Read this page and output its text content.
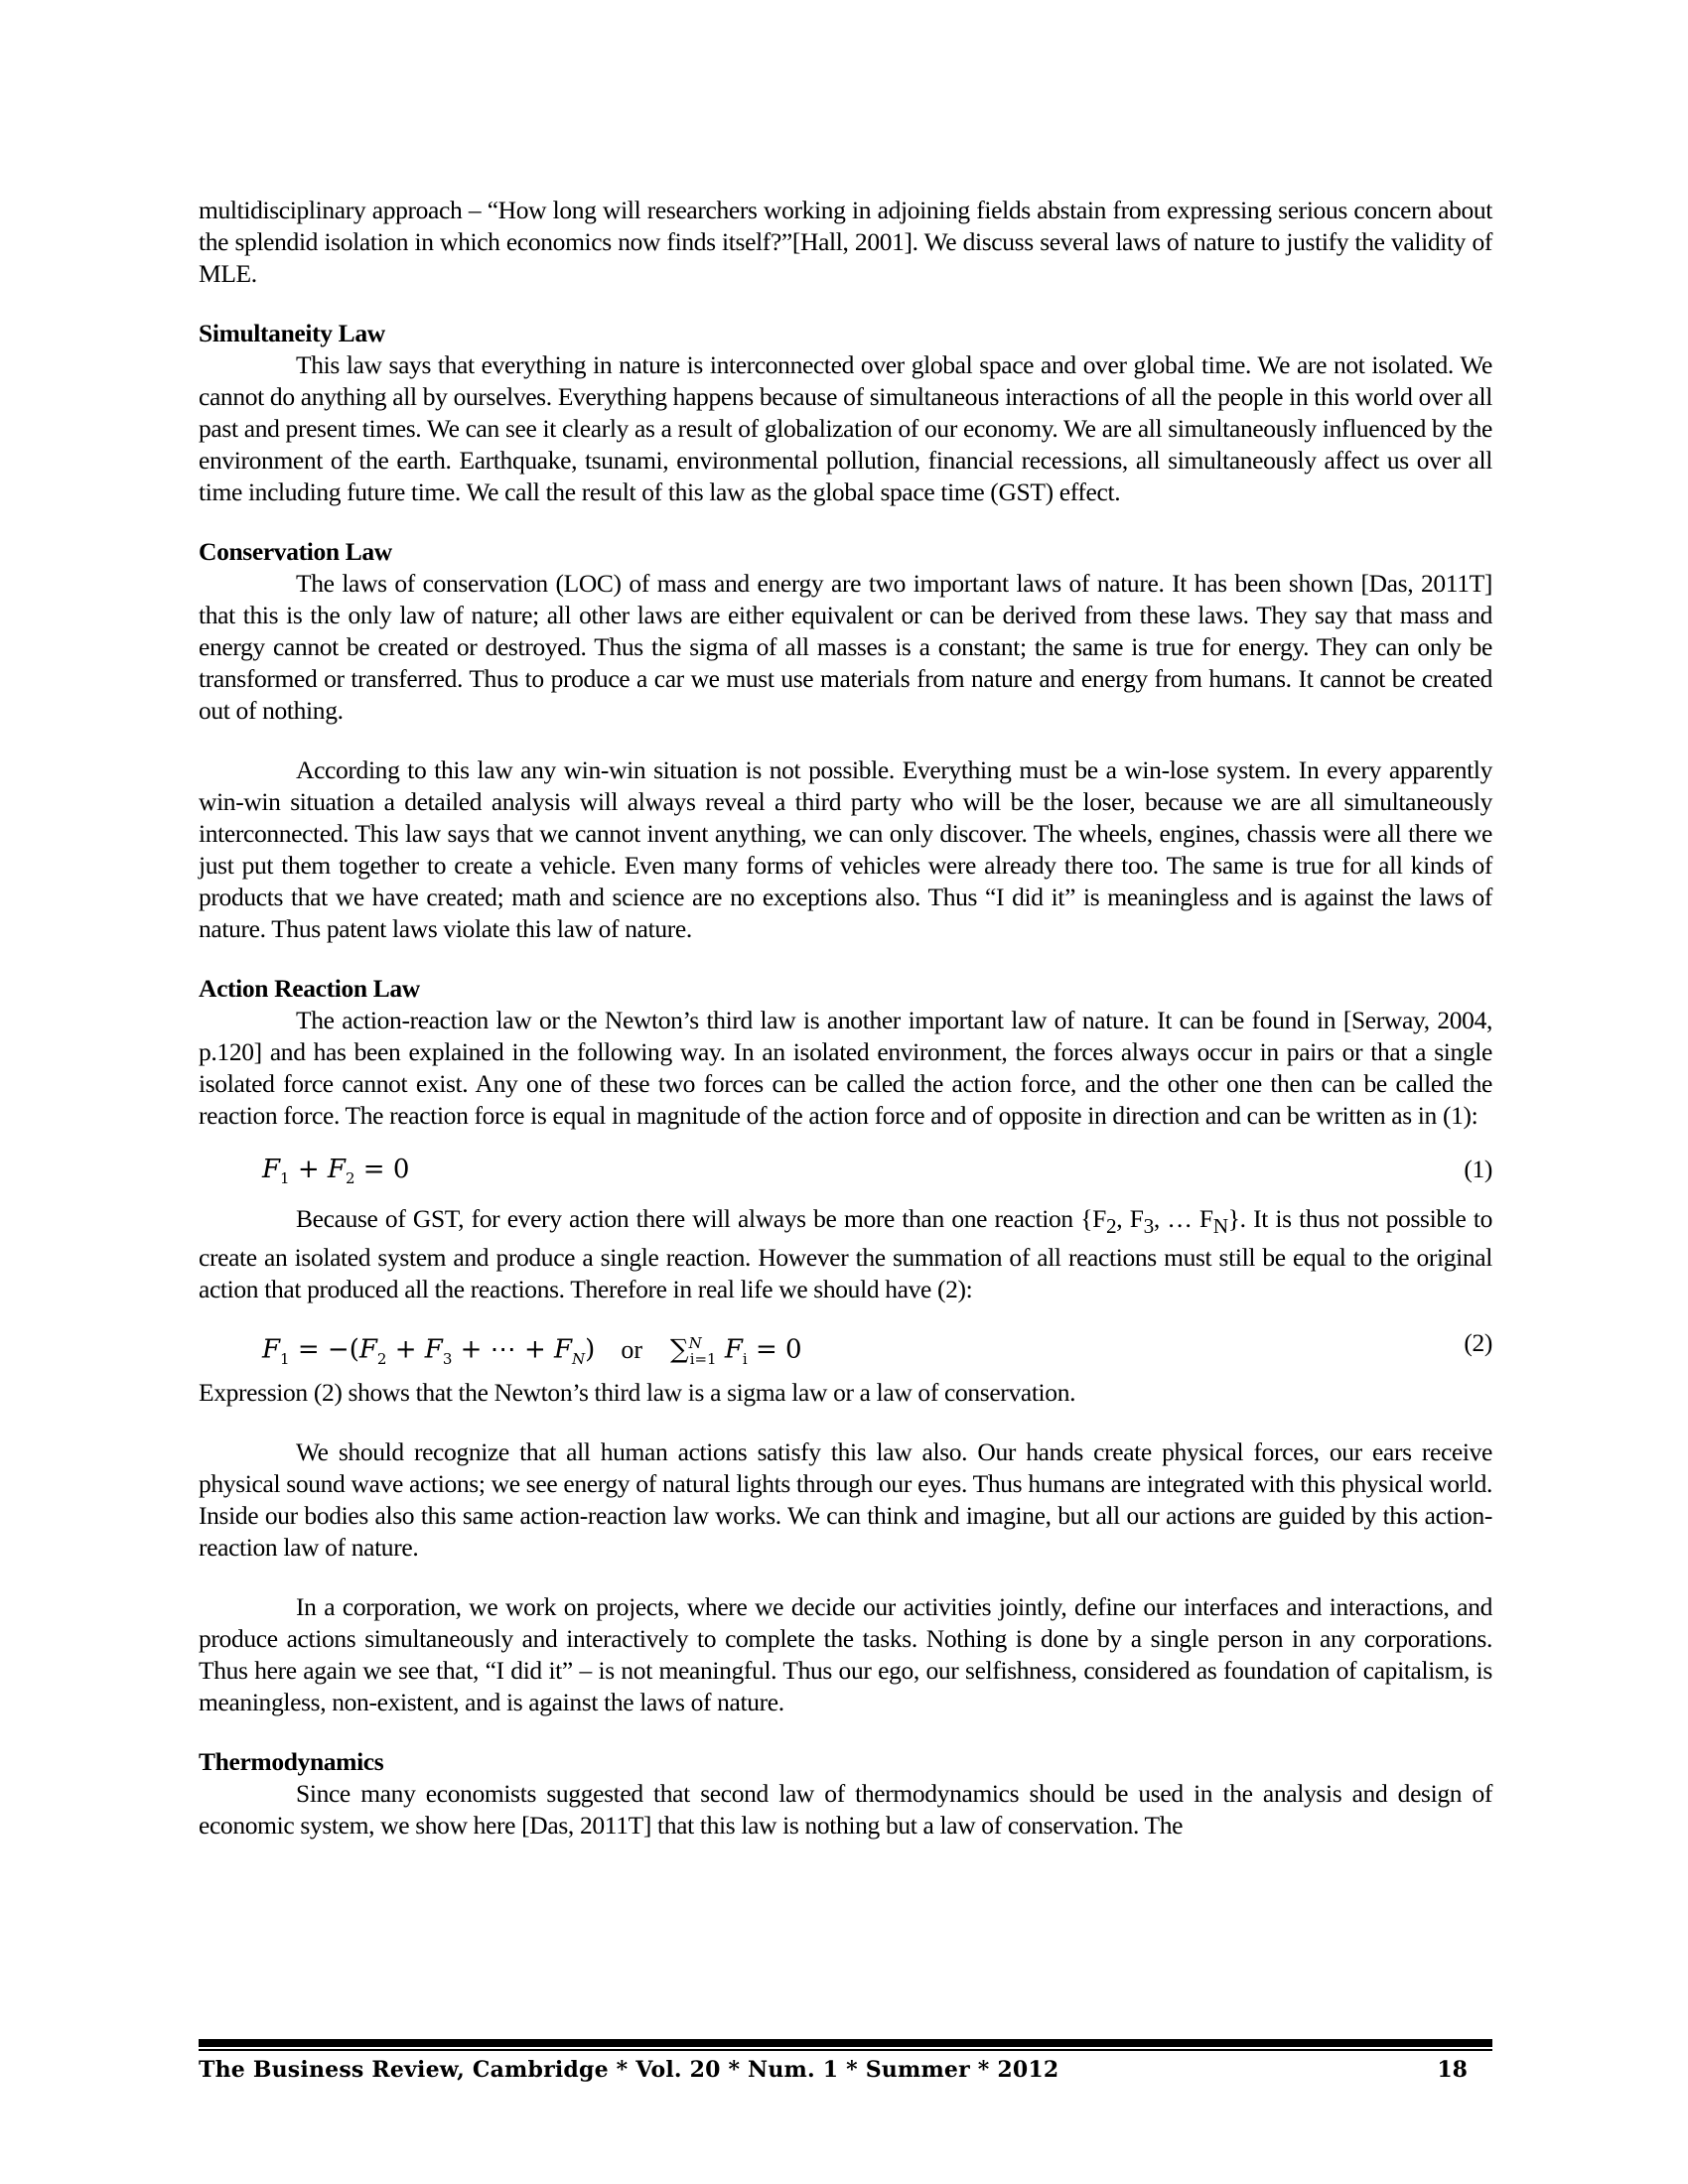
multidisciplinary approach – “How long will researchers working in adjoining fields abstain from expressing serious concern about the splendid isolation in which economics now finds itself?”[Hall, 2001]. We discuss several laws of nature to justify the validity of MLE.

Simultaneity Law

This law says that everything in nature is interconnected over global space and over global time. We are not isolated. We cannot do anything all by ourselves. Everything happens because of simultaneous interactions of all the people in this world over all past and present times. We can see it clearly as a result of globalization of our economy. We are all simultaneously influenced by the environment of the earth. Earthquake, tsunami, environmental pollution, financial recessions, all simultaneously affect us over all time including future time. We call the result of this law as the global space time (GST) effect.

Conservation Law

The laws of conservation (LOC) of mass and energy are two important laws of nature. It has been shown [Das, 2011T] that this is the only law of nature; all other laws are either equivalent or can be derived from these laws. They say that mass and energy cannot be created or destroyed. Thus the sigma of all masses is a constant; the same is true for energy. They can only be transformed or transferred. Thus to produce a car we must use materials from nature and energy from humans. It cannot be created out of nothing.

According to this law any win-win situation is not possible. Everything must be a win-lose system. In every apparently win-win situation a detailed analysis will always reveal a third party who will be the loser, because we are all simultaneously interconnected. This law says that we cannot invent anything, we can only discover. The wheels, engines, chassis were all there we just put them together to create a vehicle. Even many forms of vehicles were already there too. The same is true for all kinds of products that we have created; math and science are no exceptions also. Thus “I did it” is meaningless and is against the laws of nature. Thus patent laws violate this law of nature.

Action Reaction Law

The action-reaction law or the Newton’s third law is another important law of nature. It can be found in [Serway, 2004, p.120] and has been explained in the following way. In an isolated environment, the forces always occur in pairs or that a single isolated force cannot exist. Any one of these two forces can be called the action force, and the other one then can be called the reaction force. The reaction force is equal in magnitude of the action force and of opposite in direction and can be written as in (1):

$F_1 + F_2 = 0$	(1)

Because of GST, for every action there will always be more than one reaction {$F_2$, $F_3$, … $F_N$}. It is thus not possible to create an isolated system and produce a single reaction. However the summation of all reactions must still be equal to the original action that produced all the reactions. Therefore in real life we should have (2):

$F_1 = -(F_2 + F_3$ + ⋯ + $F_N$) or ∑$^N_{i=1}$ $F_i = 0$	(2)

Expression (2) shows that the Newton’s third law is a sigma law or a law of conservation.

We should recognize that all human actions satisfy this law also. Our hands create physical forces, our ears receive physical sound wave actions; we see energy of natural lights through our eyes. Thus humans are integrated with this physical world. Inside our bodies also this same action-reaction law works. We can think and imagine, but all our actions are guided by this action-reaction law of nature.

In a corporation, we work on projects, where we decide our activities jointly, define our interfaces and interactions, and produce actions simultaneously and interactively to complete the tasks. Nothing is done by a single person in any corporations. Thus here again we see that, “I did it” – is not meaningful. Thus our ego, our selfishness, considered as foundation of capitalism, is meaningless, non-existent, and is against the laws of nature.

Thermodynamics

Since many economists suggested that second law of thermodynamics should be used in the analysis and design of economic system, we show here [Das, 2011T] that this law is nothing but a law of conservation. The

The Business Review, Cambridge * Vol. 20 * Num. 1 * Summer * 2012	18
